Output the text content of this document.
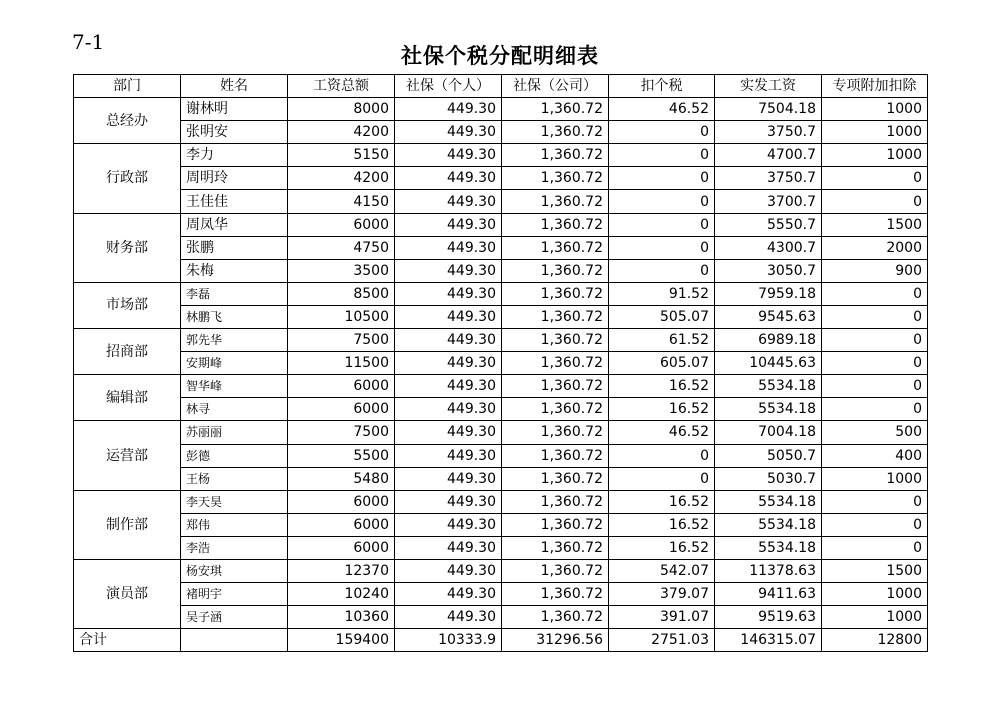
7-1
社保个税分配明细表
部门	姓名	工资总额	社保（个人）	社保（公司）	扣个税	实发工资	专项附加扣除
总经办	谢林明	8000	449.30	1,360.72	46.52	7504.18	1000
	张明安	4200	449.30	1,360.72	0	3750.7	1000
行政部	李力	5150	449.30	1,360.72	0	4700.7	1000
	周明玲	4200	449.30	1,360.72	0	3750.7	0
	王佳佳	4150	449.30	1,360.72	0	3700.7	0
财务部	周凤华	6000	449.30	1,360.72	0	5550.7	1500
	张鹏	4750	449.30	1,360.72	0	4300.7	2000
	朱梅	3500	449.30	1,360.72	0	3050.7	900
市场部	李磊	8500	449.30	1,360.72	91.52	7959.18	0
	林鹏飞	10500	449.30	1,360.72	505.07	9545.63	0
招商部	郭先华	7500	449.30	1,360.72	61.52	6989.18	0
	安期峰	11500	449.30	1,360.72	605.07	10445.63	0
编辑部	智华峰	6000	449.30	1,360.72	16.52	5534.18	0
	林寻	6000	449.30	1,360.72	16.52	5534.18	0
运营部	苏丽丽	7500	449.30	1,360.72	46.52	7004.18	500
	彭德	5500	449.30	1,360.72	0	5050.7	400
	王杨	5480	449.30	1,360.72	0	5030.7	1000
制作部	李天昊	6000	449.30	1,360.72	16.52	5534.18	0
	郑伟	6000	449.30	1,360.72	16.52	5534.18	0
	李浩	6000	449.30	1,360.72	16.52	5534.18	0
演员部	杨安琪	12370	449.30	1,360.72	542.07	11378.63	1500
	褚明宇	10240	449.30	1,360.72	379.07	9411.63	1000
	吴子涵	10360	449.30	1,360.72	391.07	9519.63	1000
合计		159400	10333.9	31296.56	2751.03	146315.07	12800
